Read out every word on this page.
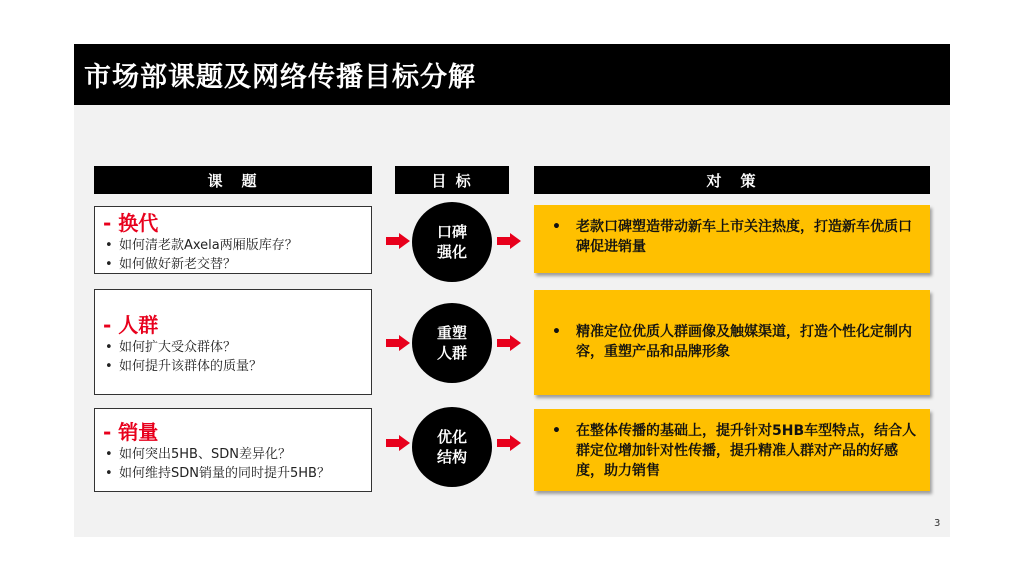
市场部课题及网络传播目标分解
课　题	目 标	对　策
- 换代
• 如何清老款Axela两厢版库存？
• 如何做好新老交替？
口碑
强化
• 老款口碑塑造带动新车上市关注热度，打造新车优质口碑促进销量
- 人群
• 如何扩大受众群体？
• 如何提升该群体的质量？
重塑
人群
• 精准定位优质人群画像及触媒渠道，打造个性化定制内容，重塑产品和品牌形象
- 销量
• 如何突出5HB、SDN差异化？
• 如何维持SDN销量的同时提升5HB？
优化
结构
• 在整体传播的基础上，提升针对5HB车型特点，结合人群定位增加针对性传播，提升精准人群对产品的好感度，助力销售
3
